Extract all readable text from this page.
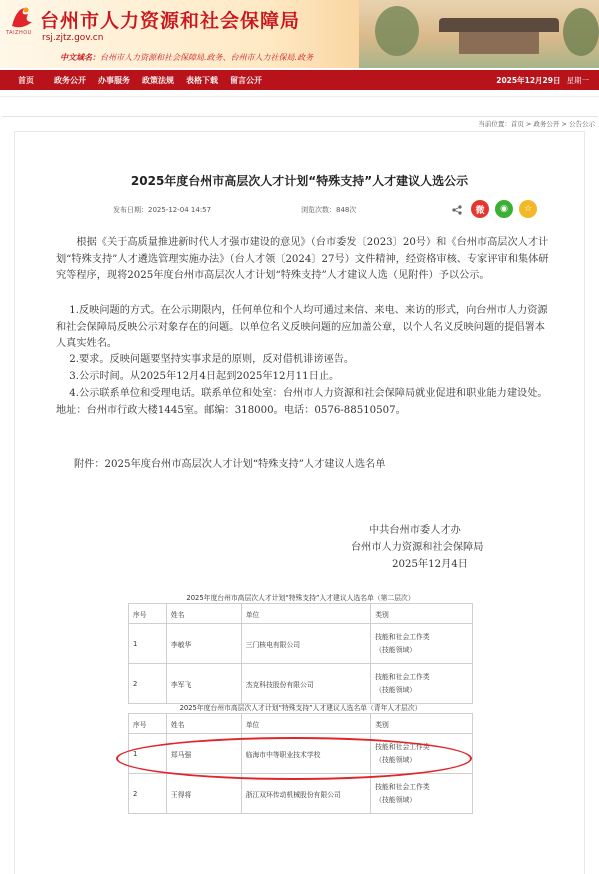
TAIZHOU
台州市人力资源和社会保障局
rsj.zjtz.gov.cn
中文域名：台州市人力资源和社会保障局.政务、台州市人力社保局.政务
首页	政务公开	办事服务	政策法规	表格下载	留言公开	2025年12月29日 星期一
当前位置：首页 > 政务公开 > 公告公示
2025年度台州市高层次人才计划“特殊支持”人才建议人选公示
发布日期：2025-12-04 14:57	浏览次数：848次	微	◉	☆
根据《关于高质量推进新时代人才强市建设的意见》（台市委发〔2023〕20号）和《台州市高层次人才计划“特殊支持”人才遴选管理实施办法》（台人才领〔2024〕27号）文件精神，经资格审核、专家评审和集体研究等程序，现将2025年度台州市高层次人才计划“特殊支持”人才建议人选（见附件）予以公示。
1.反映问题的方式。在公示期限内，任何单位和个人均可通过来信、来电、来访的形式，向台州市人力资源和社会保障局反映公示对象存在的问题。以单位名义反映问题的应加盖公章，以个人名义反映问题的提倡署本人真实姓名。
2.要求。反映问题要坚持实事求是的原则，反对借机诽谤诬告。
3.公示时间。从2025年12月4日起到2025年12月11日止。
4.公示联系单位和受理电话。联系单位和处室：台州市人力资源和社会保障局就业促进和职业能力建设处。地址：台州市行政大楼1445室。邮编：318000。电话：0576-88510507。
附件：2025年度台州市高层次人才计划“特殊支持”人才建议人选名单
中共台州市委人才办
台州市人力资源和社会保障局
2025年12月4日
2025年度台州市高层次人才计划“特殊支持”人才建议人选名单（第二层次）
序号	姓名	单位	类别
1	李敏华	三门核电有限公司	技能和社会工作类
（技能领域）

2	李军飞	杰克科技股份有限公司	技能和社会工作类
（技能领域）
2025年度台州市高层次人才计划“特殊支持”人才建议人选名单（青年人才层次）
序号	姓名	单位	类别
1	郑马强	临海市中等职业技术学校	技能和社会工作类
（技能领域）

2	王得将	浙江双环传动机械股份有限公司	技能和社会工作类
（技能领域）
